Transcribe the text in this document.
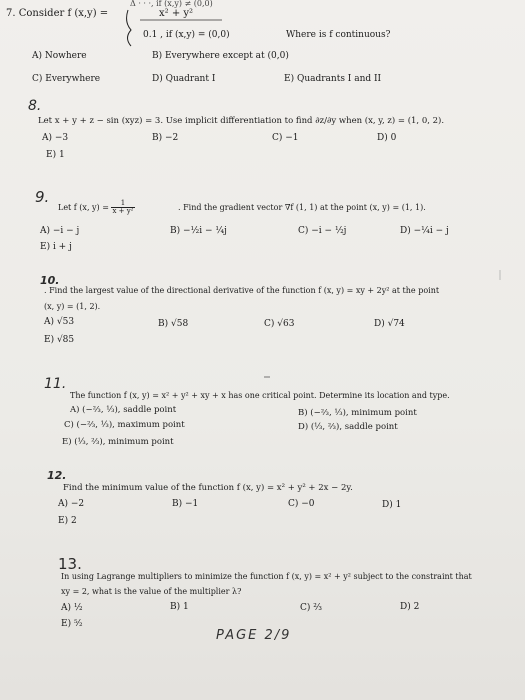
Δ · · ·, if (x,y) ≠ (0,0)
7. Consider f (x,y) =	x² + y²
0.1 , if (x,y) = (0,0)	Where is f continuous?
A) Nowhere	B) Everywhere except at (0,0)
C) Everywhere	D) Quadrant I	E) Quadrants I and II
8.
Let x + y + z − sin (xyz) = 3. Use implicit differentiation to find ∂z/∂y when (x, y, z) = (1, 0, 2).
A) −3	B) −2	C) −1	D) 0
E) 1
9.
Let f (x, $y) = \frac{1}{\text{x + y²}}$	. Find the gradient vector ∇f (1, 1) at the point (x, y) = (1, 1).
A) −i − j	B) −½i − ¼j	C) −i − ½j	D) −¼i − j
E) i + j
10.
. Find the largest value of the directional derivative of the function f (x, y) = xy + 2y² at the point
(x, y) = (1, 2).
A) √53	B) √58	C) √63	D) √74
E) √85
11.
The function f (x, y) = x² + y² + xy + x has one critical point. Determine its location and type.
A) (−⅔, ⅓), saddle point	B) (−⅔, ⅓), minimum point
C) (−⅔, ⅓), maximum point	D) (⅓, ⅔), saddle point
E) (⅓, ⅔), minimum point
12.
Find the minimum value of the function f (x, y) = x² + y² + 2x − 2y.
A) −2	B) −1	C) −0	D) 1
E) 2
13.
In using Lagrange multipliers to minimize the function f (x, y) = x² + y² subject to the constraint that
xy = 2, what is the value of the multiplier λ?
A) ½	B) 1	C) ⅔	D) 2
E) ⁵⁄₂
PAGE 2/9
